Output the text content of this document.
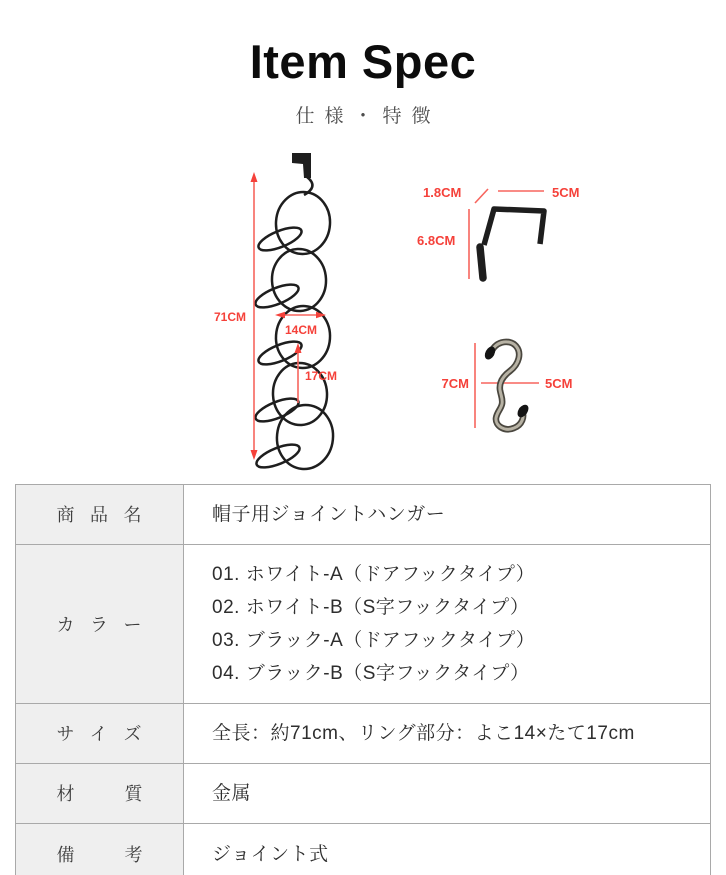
Item Spec
仕様・特徴
71CM
14CM
17CM
1.8CM	5CM
6.8CM
7CM	5CM
商品名	帽子用ジョイントハンガー

カラー	01. ホワイト-A（ドアフックタイプ）
02. ホワイト-B（S字フックタイプ）
03. ブラック-A（ドアフックタイプ）
04. ブラック-B（S字フックタイプ）

サイズ	全長：約71cm、リング部分：よこ14×たて17cm

材質	金属

備考	ジョイント式
